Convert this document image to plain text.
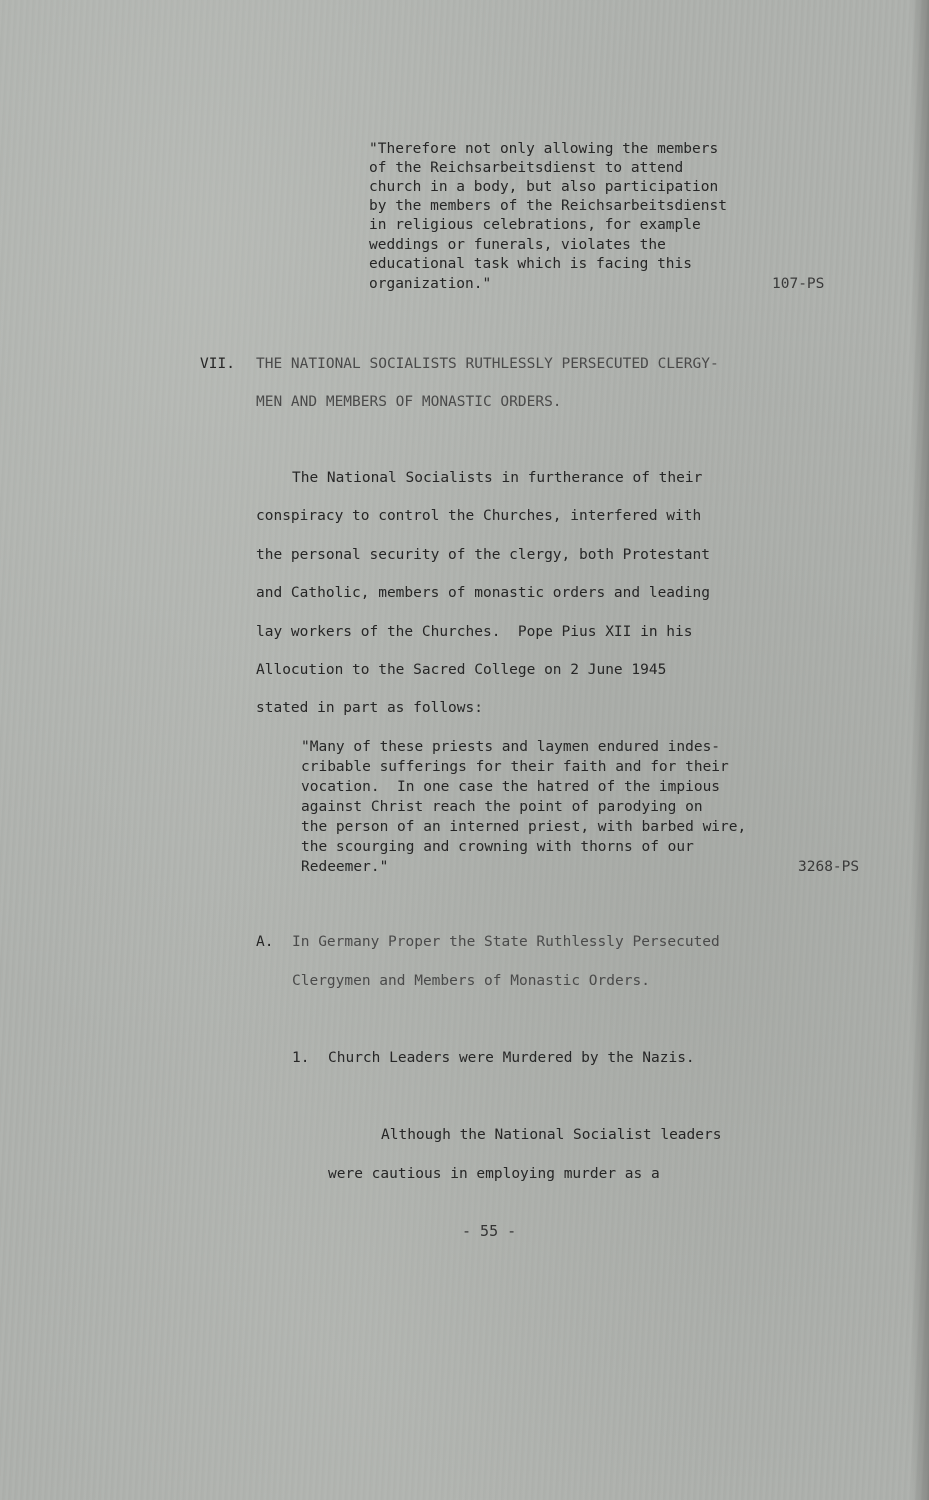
"Therefore not only allowing the members
of the Reichsarbeitsdienst to attend
church in a body, but also participation
by the members of the Reichsarbeitsdienst
in religious celebrations, for example
weddings or funerals, violates the
educational task which is facing this
organization."	107-PS
VII. THE NATIONAL SOCIALISTS RUTHLESSLY PERSECUTED CLERGY-
MEN AND MEMBERS OF MONASTIC ORDERS.
The National Socialists in furtherance of their
conspiracy to control the Churches, interfered with
the personal security of the clergy, both Protestant
and Catholic, members of monastic orders and leading
lay workers of the Churches.  Pope Pius XII in his
Allocution to the Sacred College on 2 June 1945
stated in part as follows:
"Many of these priests and laymen endured indes-
cribable sufferings for their faith and for their
vocation.  In one case the hatred of the impious
against Christ reach the point of parodying on
the person of an interned priest, with barbed wire,
the scourging and crowning with thorns of our
Redeemer."	3268-PS
A. In Germany Proper the State Ruthlessly Persecuted
Clergymen and Members of Monastic Orders.
1. Church Leaders were Murdered by the Nazis.
Although the National Socialist leaders
were cautious in employing murder as a
- 55 -
